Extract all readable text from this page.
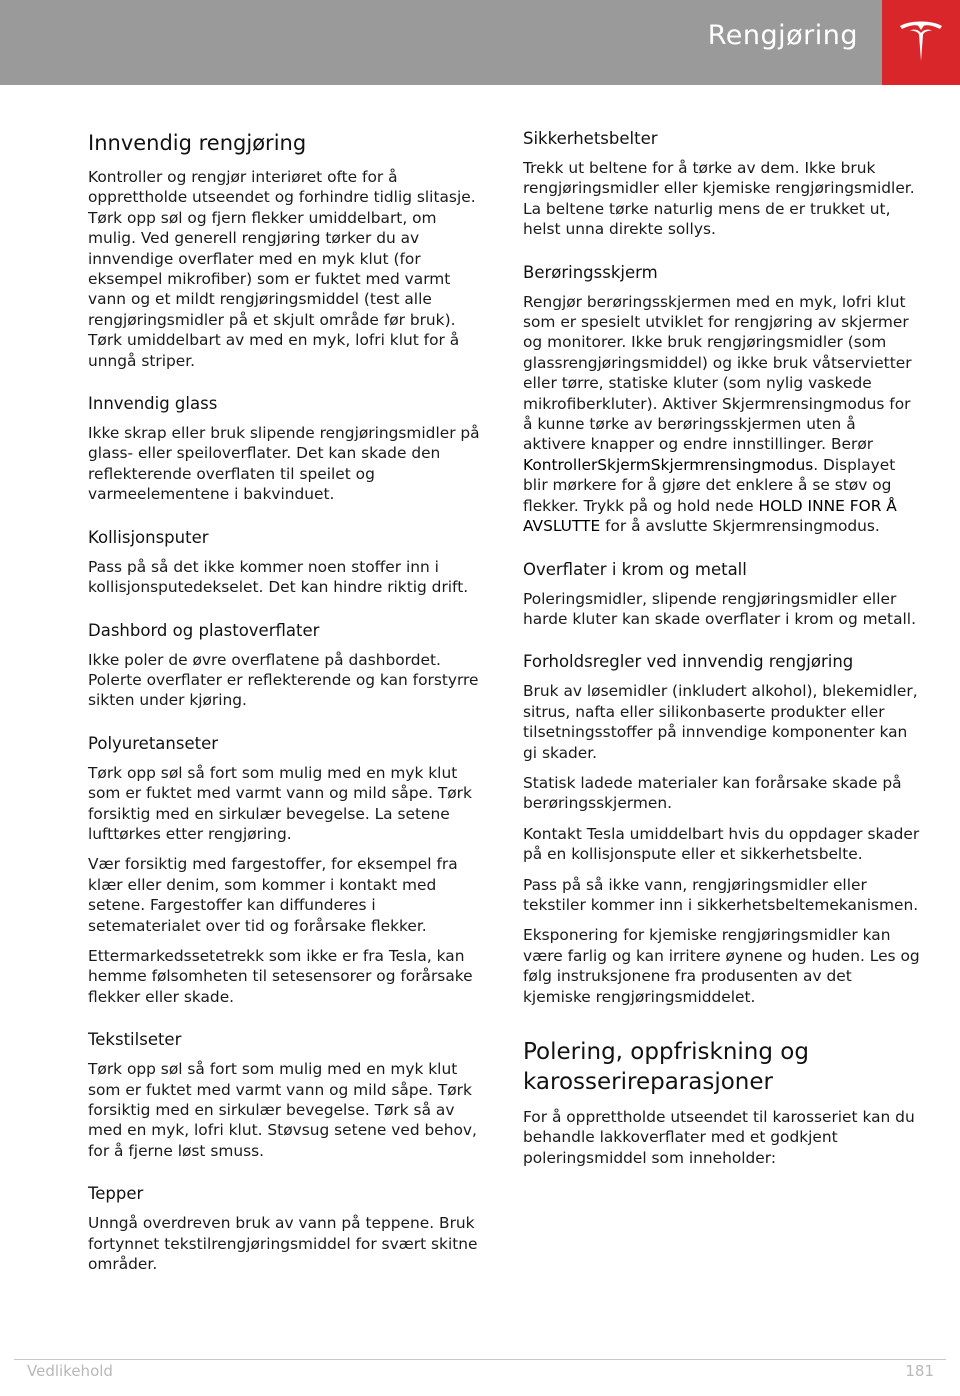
Rengjøring
Innvendig rengjøring

Kontroller og rengjør interiøret ofte for å opprettholde utseendet og forhindre tidlig slitasje. Tørk opp søl og fjern flekker umiddelbart, om mulig. Ved generell rengjøring tørker du av innvendige overflater med en myk klut (for eksempel mikrofiber) som er fuktet med varmt vann og et mildt rengjøringsmiddel (test alle rengjøringsmidler på et skjult område før bruk). Tørk umiddelbart av med en myk, lofri klut for å unngå striper.

Innvendig glass

Ikke skrap eller bruk slipende rengjøringsmidler på glass- eller speiloverflater. Det kan skade den reflekterende overflaten til speilet og varmeelementene i bakvinduet.

Kollisjonsputer

Pass på så det ikke kommer noen stoffer inn i kollisjonsputedekselet. Det kan hindre riktig drift.

Dashbord og plastoverflater

Ikke poler de øvre overflatene på dashbordet. Polerte overflater er reflekterende og kan forstyrre sikten under kjøring.

Polyuretanseter

Tørk opp søl så fort som mulig med en myk klut som er fuktet med varmt vann og mild såpe. Tørk forsiktig med en sirkulær bevegelse. La setene lufttørkes etter rengjøring.

Vær forsiktig med fargestoffer, for eksempel fra klær eller denim, som kommer i kontakt med setene. Fargestoffer kan diffunderes i setematerialet over tid og forårsake flekker.

Ettermarkedssetetrekk som ikke er fra Tesla, kan hemme følsomheten til setesensorer og forårsake flekker eller skade.

Tekstilseter

Tørk opp søl så fort som mulig med en myk klut som er fuktet med varmt vann og mild såpe. Tørk forsiktig med en sirkulær bevegelse. Tørk så av med en myk, lofri klut. Støvsug setene ved behov, for å fjerne løst smuss.

Tepper

Unngå overdreven bruk av vann på teppene. Bruk fortynnet tekstilrengjøringsmiddel for svært skitne områder.

Sikkerhetsbelter

Trekk ut beltene for å tørke av dem. Ikke bruk rengjøringsmidler eller kjemiske rengjøringsmidler. La beltene tørke naturlig mens de er trukket ut, helst unna direkte sollys.

Berøringsskjerm

Rengjør berøringsskjermen med en myk, lofri klut som er spesielt utviklet for rengjøring av skjermer og monitorer. Ikke bruk rengjøringsmidler (som glassrengjøringsmiddel) og ikke bruk våtservietter eller tørre, statiske kluter (som nylig vaskede mikrofiberkluter). Aktiver Skjermrensingmodus for å kunne tørke av berøringsskjermen uten å aktivere knapper og endre innstillinger. Berør KontrollerSkjermSkjermrensingmodus. Displayet blir mørkere for å gjøre det enklere å se støv og flekker. Trykk på og hold nede HOLD INNE FOR Å AVSLUTTE for å avslutte Skjermrensingmodus.

Overflater i krom og metall

Poleringsmidler, slipende rengjøringsmidler eller harde kluter kan skade overflater i krom og metall.

Forholdsregler ved innvendig rengjøring

Bruk av løsemidler (inkludert alkohol), blekemidler, sitrus, nafta eller silikonbaserte produkter eller tilsetningsstoffer på innvendige komponenter kan gi skader.

Statisk ladede materialer kan forårsake skade på berøringsskjermen.

Kontakt Tesla umiddelbart hvis du oppdager skader på en kollisjonspute eller et sikkerhetsbelte.

Pass på så ikke vann, rengjøringsmidler eller tekstiler kommer inn i sikkerhetsbeltemekanismen.

Eksponering for kjemiske rengjøringsmidler kan være farlig og kan irritere øynene og huden. Les og følg instruksjonene fra produsenten av det kjemiske rengjøringsmiddelet.

Polering, oppfriskning og karosserireparasjoner

For å opprettholde utseendet til karosseriet kan du behandle lakkoverflater med et godkjent poleringsmiddel som inneholder:

Vedlikehold	181
